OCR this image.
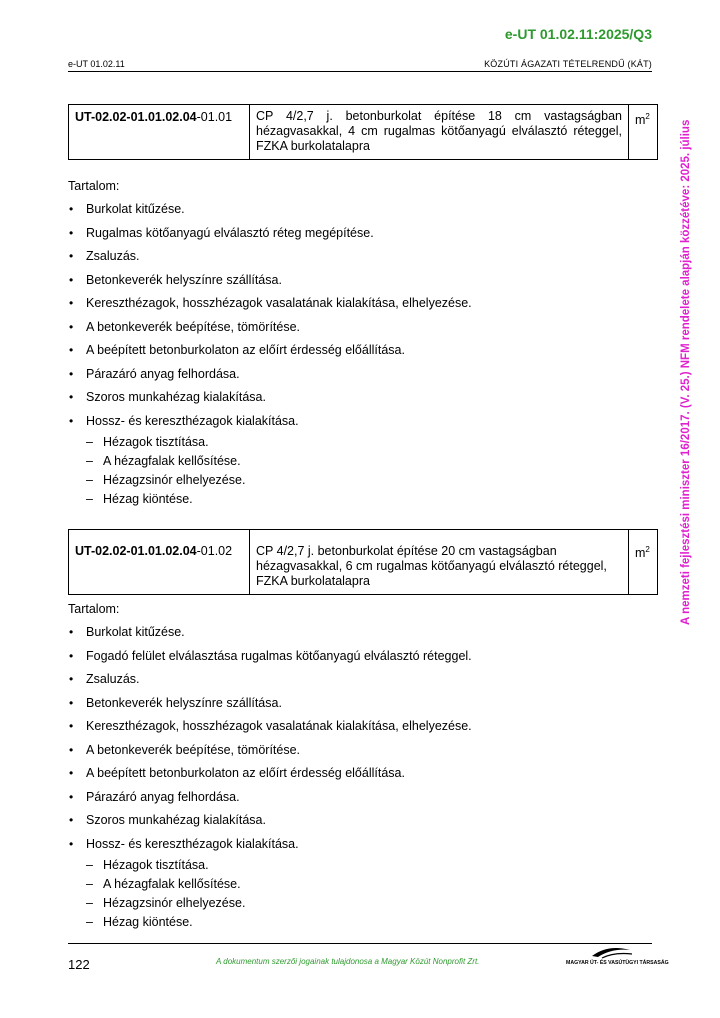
e-UT 01.02.11:2025/Q3
e-UT 01.02.11	KÖZÚTI ÁGAZATI TÉTELRENDŰ (KÁT)
A nemzeti fejlesztési miniszter 16/2017. (V. 25.) NFM rendelete alapján közzétéve: 2025. július
UT-02.02-01.01.02.04-01.01	CP 4/2,7 j. betonburkolat építése 18 cm vastagságban hézagvasakkal, 4 cm rugalmas kötőanyagú elválasztó réteggel, FZKA burkolatalapra	$m^2$
Tartalom:
• Burkolat kitűzése.
• Rugalmas kötőanyagú elválasztó réteg megépítése.
• Zsaluzás.
• Betonkeverék helyszínre szállítása.
• Kereszthézagok, hosszhézagok vasalatának kialakítása, elhelyezése.
• A betonkeverék beépítése, tömörítése.
• A beépített betonburkolaton az előírt érdesség előállítása.
• Párazáró anyag felhordása.
• Szoros munkahézag kialakítása.
• Hossz- és kereszthézagok kialakítása.
– Hézagok tisztítása.
– A hézagfalak kellősítése.
– Hézagzsinór elhelyezése.
– Hézag kiöntése.
UT-02.02-01.01.02.04-01.02	CP 4/2,7 j. betonburkolat építése 20 cm vastagságban hézagvasakkal, 6 cm rugalmas kötőanyagú elválasztó réteggel, FZKA burkolatalapra	$m^2$
Tartalom:
• Burkolat kitűzése.
• Fogadó felület elválasztása rugalmas kötőanyagú elválasztó réteggel.
• Zsaluzás.
• Betonkeverék helyszínre szállítása.
• Kereszthézagok, hosszhézagok vasalatának kialakítása, elhelyezése.
• A betonkeverék beépítése, tömörítése.
• A beépített betonburkolaton az előírt érdesség előállítása.
• Párazáró anyag felhordása.
• Szoros munkahézag kialakítása.
• Hossz- és kereszthézagok kialakítása.
– Hézagok tisztítása.
– A hézagfalak kellősítése.
– Hézagzsinór elhelyezése.
– Hézag kiöntése.
122	A dokumentum szerzői jogainak tulajdonosa a Magyar Közút Nonprofit Zrt.	MAGYAR ÚT- ÉS VASÚTÜGYI TÁRSASÁG
